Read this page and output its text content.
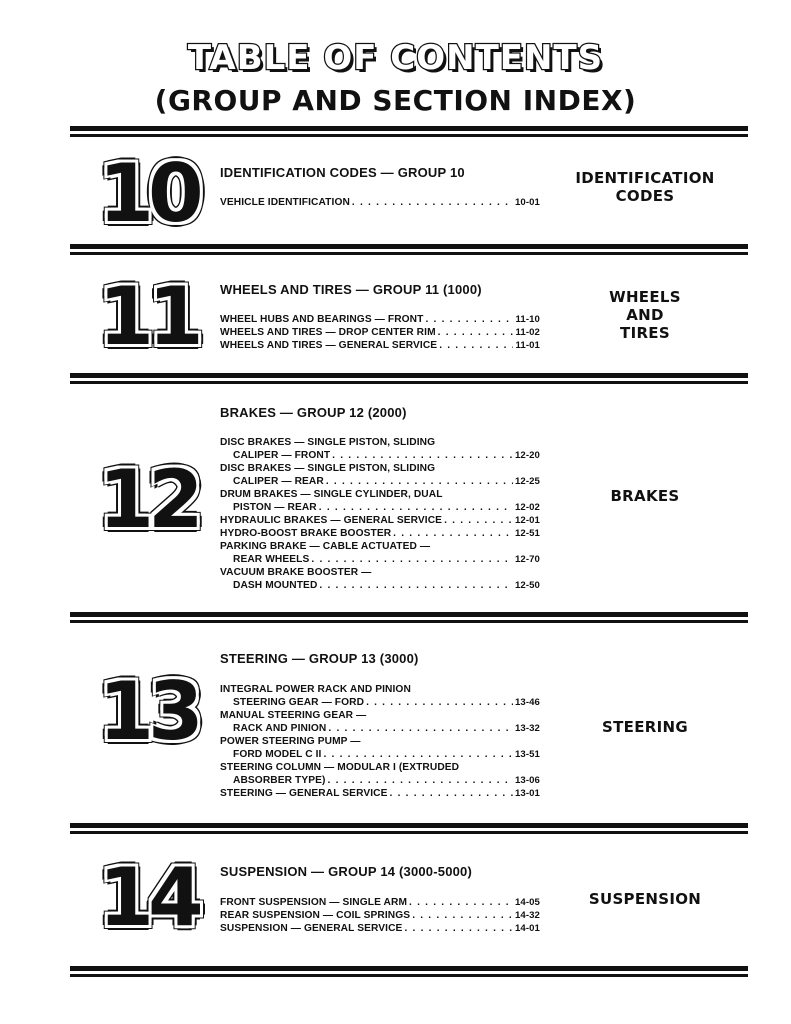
TABLE OF CONTENTS
(GROUP AND SECTION INDEX)
10	IDENTIFICATION CODES — GROUP 10
VEHICLE IDENTIFICATION . . .	10-01
IDENTIFICATION
CODES
11	WHEELS AND TIRES — GROUP 11 (1000)
WHEEL HUBS AND BEARINGS — FRONT . . .	11-10
WHEELS AND TIRES — DROP CENTER RIM . . .	11-02
WHEELS AND TIRES — GENERAL SERVICE . . .	11-01
WHEELS
AND
TIRES
12
BRAKES — GROUP 12 (2000)
DISC BRAKES — SINGLE PISTON, SLIDING
CALIPER — FRONT . . .	12-20
DISC BRAKES — SINGLE PISTON, SLIDING
CALIPER — REAR . . .	12-25
DRUM BRAKES — SINGLE CYLINDER, DUAL
PISTON — REAR . . .	12-02
HYDRAULIC BRAKES — GENERAL SERVICE . . .	12-01
HYDRO-BOOST BRAKE BOOSTER . . .	12-51
PARKING BRAKE — CABLE ACTUATED —
REAR WHEELS . . .	12-70
VACUUM BRAKE BOOSTER —
DASH MOUNTED . . .	12-50
BRAKES
13
STEERING — GROUP 13 (3000)
INTEGRAL POWER RACK AND PINION
STEERING GEAR — FORD . . .	13-46
MANUAL STEERING GEAR —
RACK AND PINION . . .	13-32
POWER STEERING PUMP —
FORD MODEL C II . . .	13-51
STEERING COLUMN — MODULAR I (EXTRUDED
ABSORBER TYPE) . . .	13-06
STEERING — GENERAL SERVICE . . .	13-01
STEERING
14	SUSPENSION — GROUP 14 (3000-5000)
FRONT SUSPENSION — SINGLE ARM . . .	14-05
REAR SUSPENSION — COIL SPRINGS . . .	14-32
SUSPENSION — GENERAL SERVICE . . .	14-01
SUSPENSION
